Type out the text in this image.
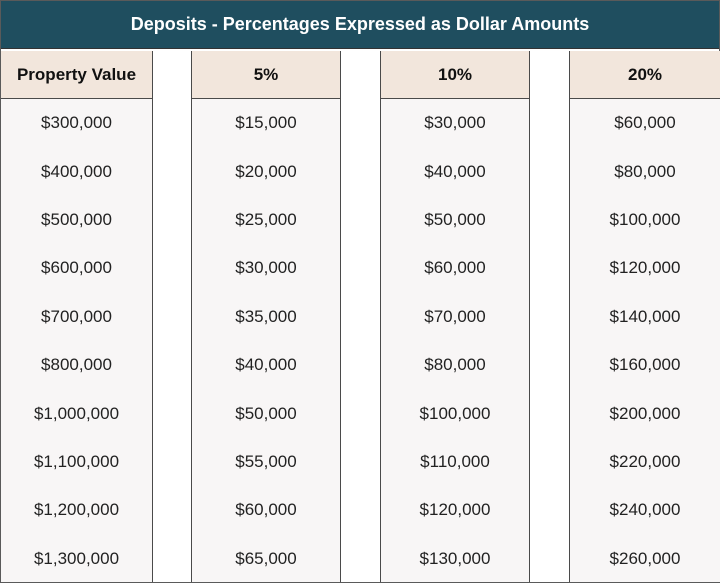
Deposits - Percentages Expressed as Dollar Amounts
Property Value
$300,000
$400,000
$500,000
$600,000
$700,000
$800,000
$1,000,000
$1,100,000
$1,200,000
$1,300,000
5%
$15,000
$20,000
$25,000
$30,000
$35,000
$40,000
$50,000
$55,000
$60,000
$65,000
10%
$30,000
$40,000
$50,000
$60,000
$70,000
$80,000
$100,000
$110,000
$120,000
$130,000
20%
$60,000
$80,000
$100,000
$120,000
$140,000
$160,000
$200,000
$220,000
$240,000
$260,000
